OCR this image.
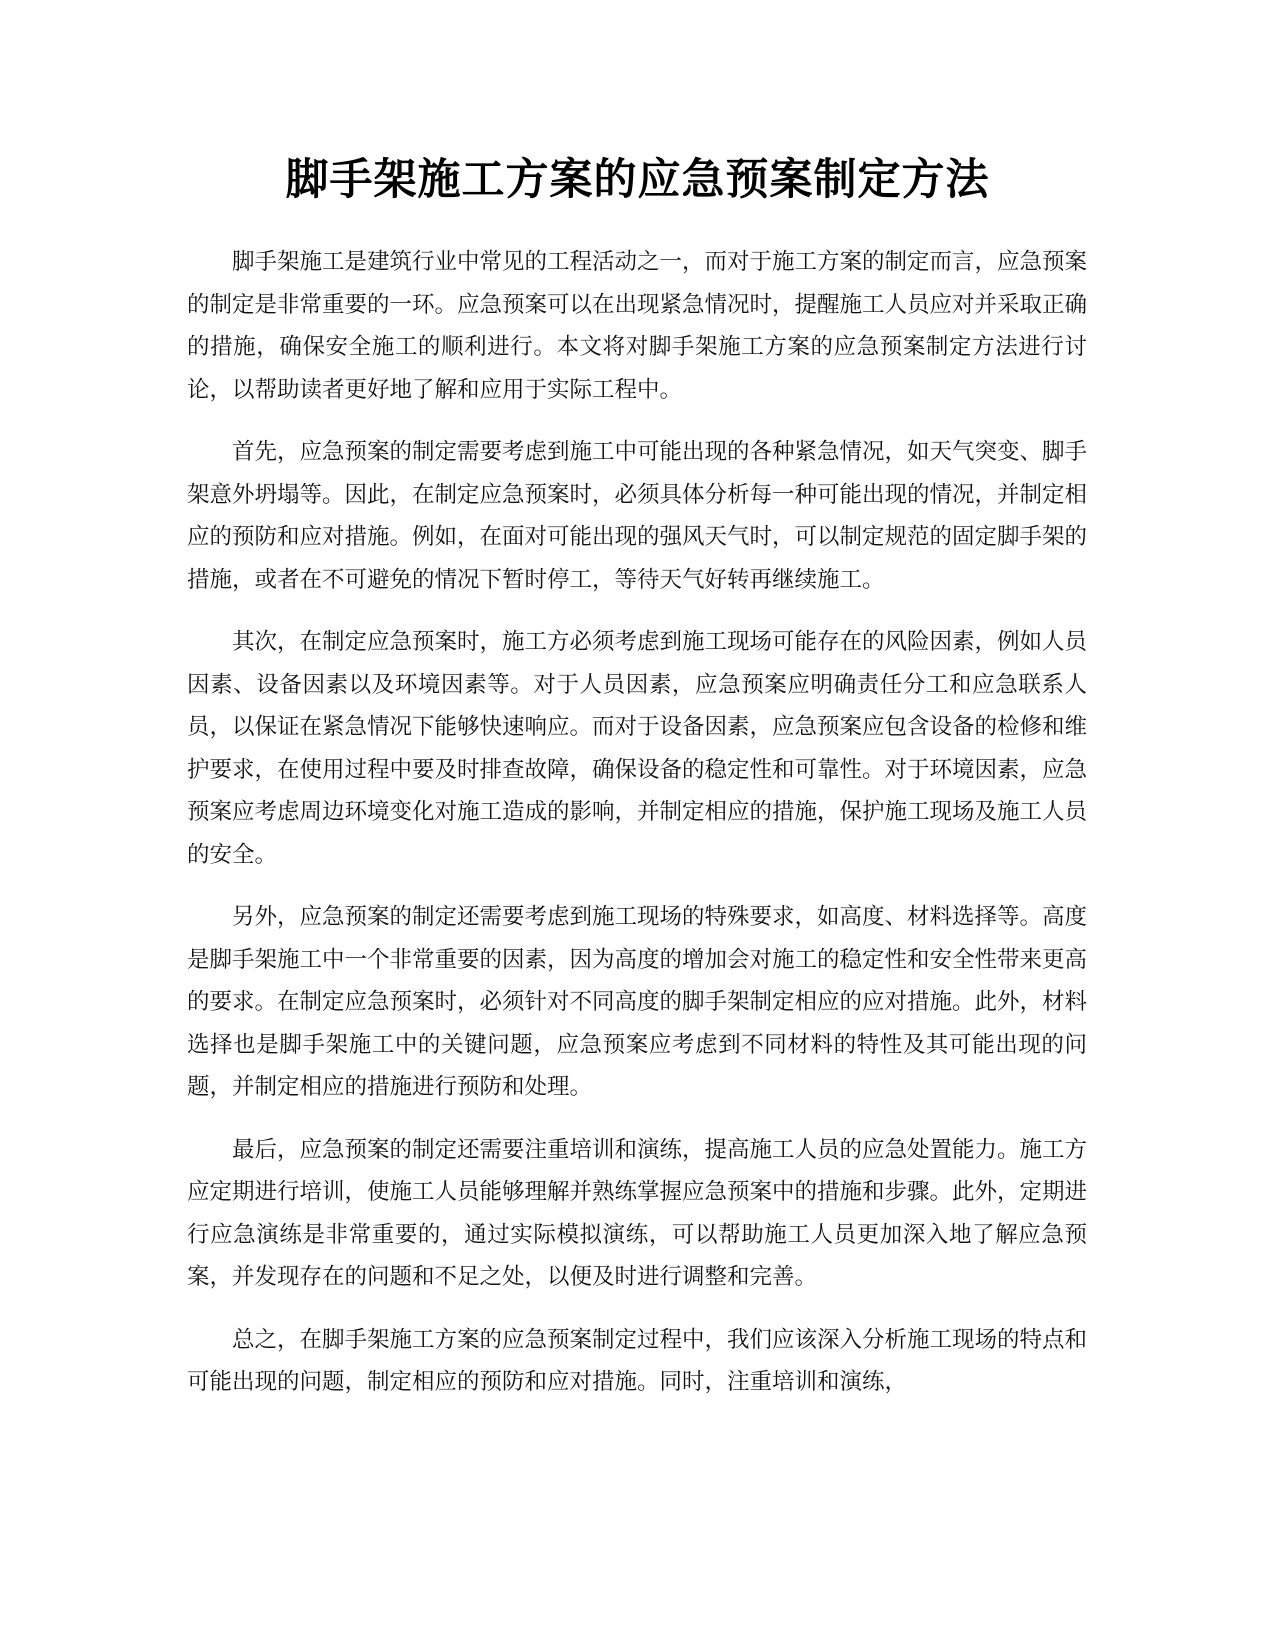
脚手架施工方案的应急预案制定方法

脚手架施工是建筑行业中常见的工程活动之一，而对于施工方案的制定而言，应急预案的制定是非常重要的一环。应急预案可以在出现紧急情况时，提醒施工人员应对并采取正确的措施，确保安全施工的顺利进行。本文将对脚手架施工方案的应急预案制定方法进行讨论，以帮助读者更好地了解和应用于实际工程中。

首先，应急预案的制定需要考虑到施工中可能出现的各种紧急情况，如天气突变、脚手架意外坍塌等。因此，在制定应急预案时，必须具体分析每一种可能出现的情况，并制定相应的预防和应对措施。例如，在面对可能出现的强风天气时，可以制定规范的固定脚手架的措施，或者在不可避免的情况下暂时停工，等待天气好转再继续施工。

其次，在制定应急预案时，施工方必须考虑到施工现场可能存在的风险因素，例如人员因素、设备因素以及环境因素等。对于人员因素，应急预案应明确责任分工和应急联系人员，以保证在紧急情况下能够快速响应。而对于设备因素，应急预案应包含设备的检修和维护要求，在使用过程中要及时排查故障，确保设备的稳定性和可靠性。对于环境因素，应急预案应考虑周边环境变化对施工造成的影响，并制定相应的措施，保护施工现场及施工人员的安全。

另外，应急预案的制定还需要考虑到施工现场的特殊要求，如高度、材料选择等。高度是脚手架施工中一个非常重要的因素，因为高度的增加会对施工的稳定性和安全性带来更高的要求。在制定应急预案时，必须针对不同高度的脚手架制定相应的应对措施。此外，材料选择也是脚手架施工中的关键问题，应急预案应考虑到不同材料的特性及其可能出现的问题，并制定相应的措施进行预防和处理。

最后，应急预案的制定还需要注重培训和演练，提高施工人员的应急处置能力。施工方应定期进行培训，使施工人员能够理解并熟练掌握应急预案中的措施和步骤。此外，定期进行应急演练是非常重要的，通过实际模拟演练，可以帮助施工人员更加深入地了解应急预案，并发现存在的问题和不足之处，以便及时进行调整和完善。

总之，在脚手架施工方案的应急预案制定过程中，我们应该深入分析施工现场的特点和可能出现的问题，制定相应的预防和应对措施。同时，注重培训和演练，
